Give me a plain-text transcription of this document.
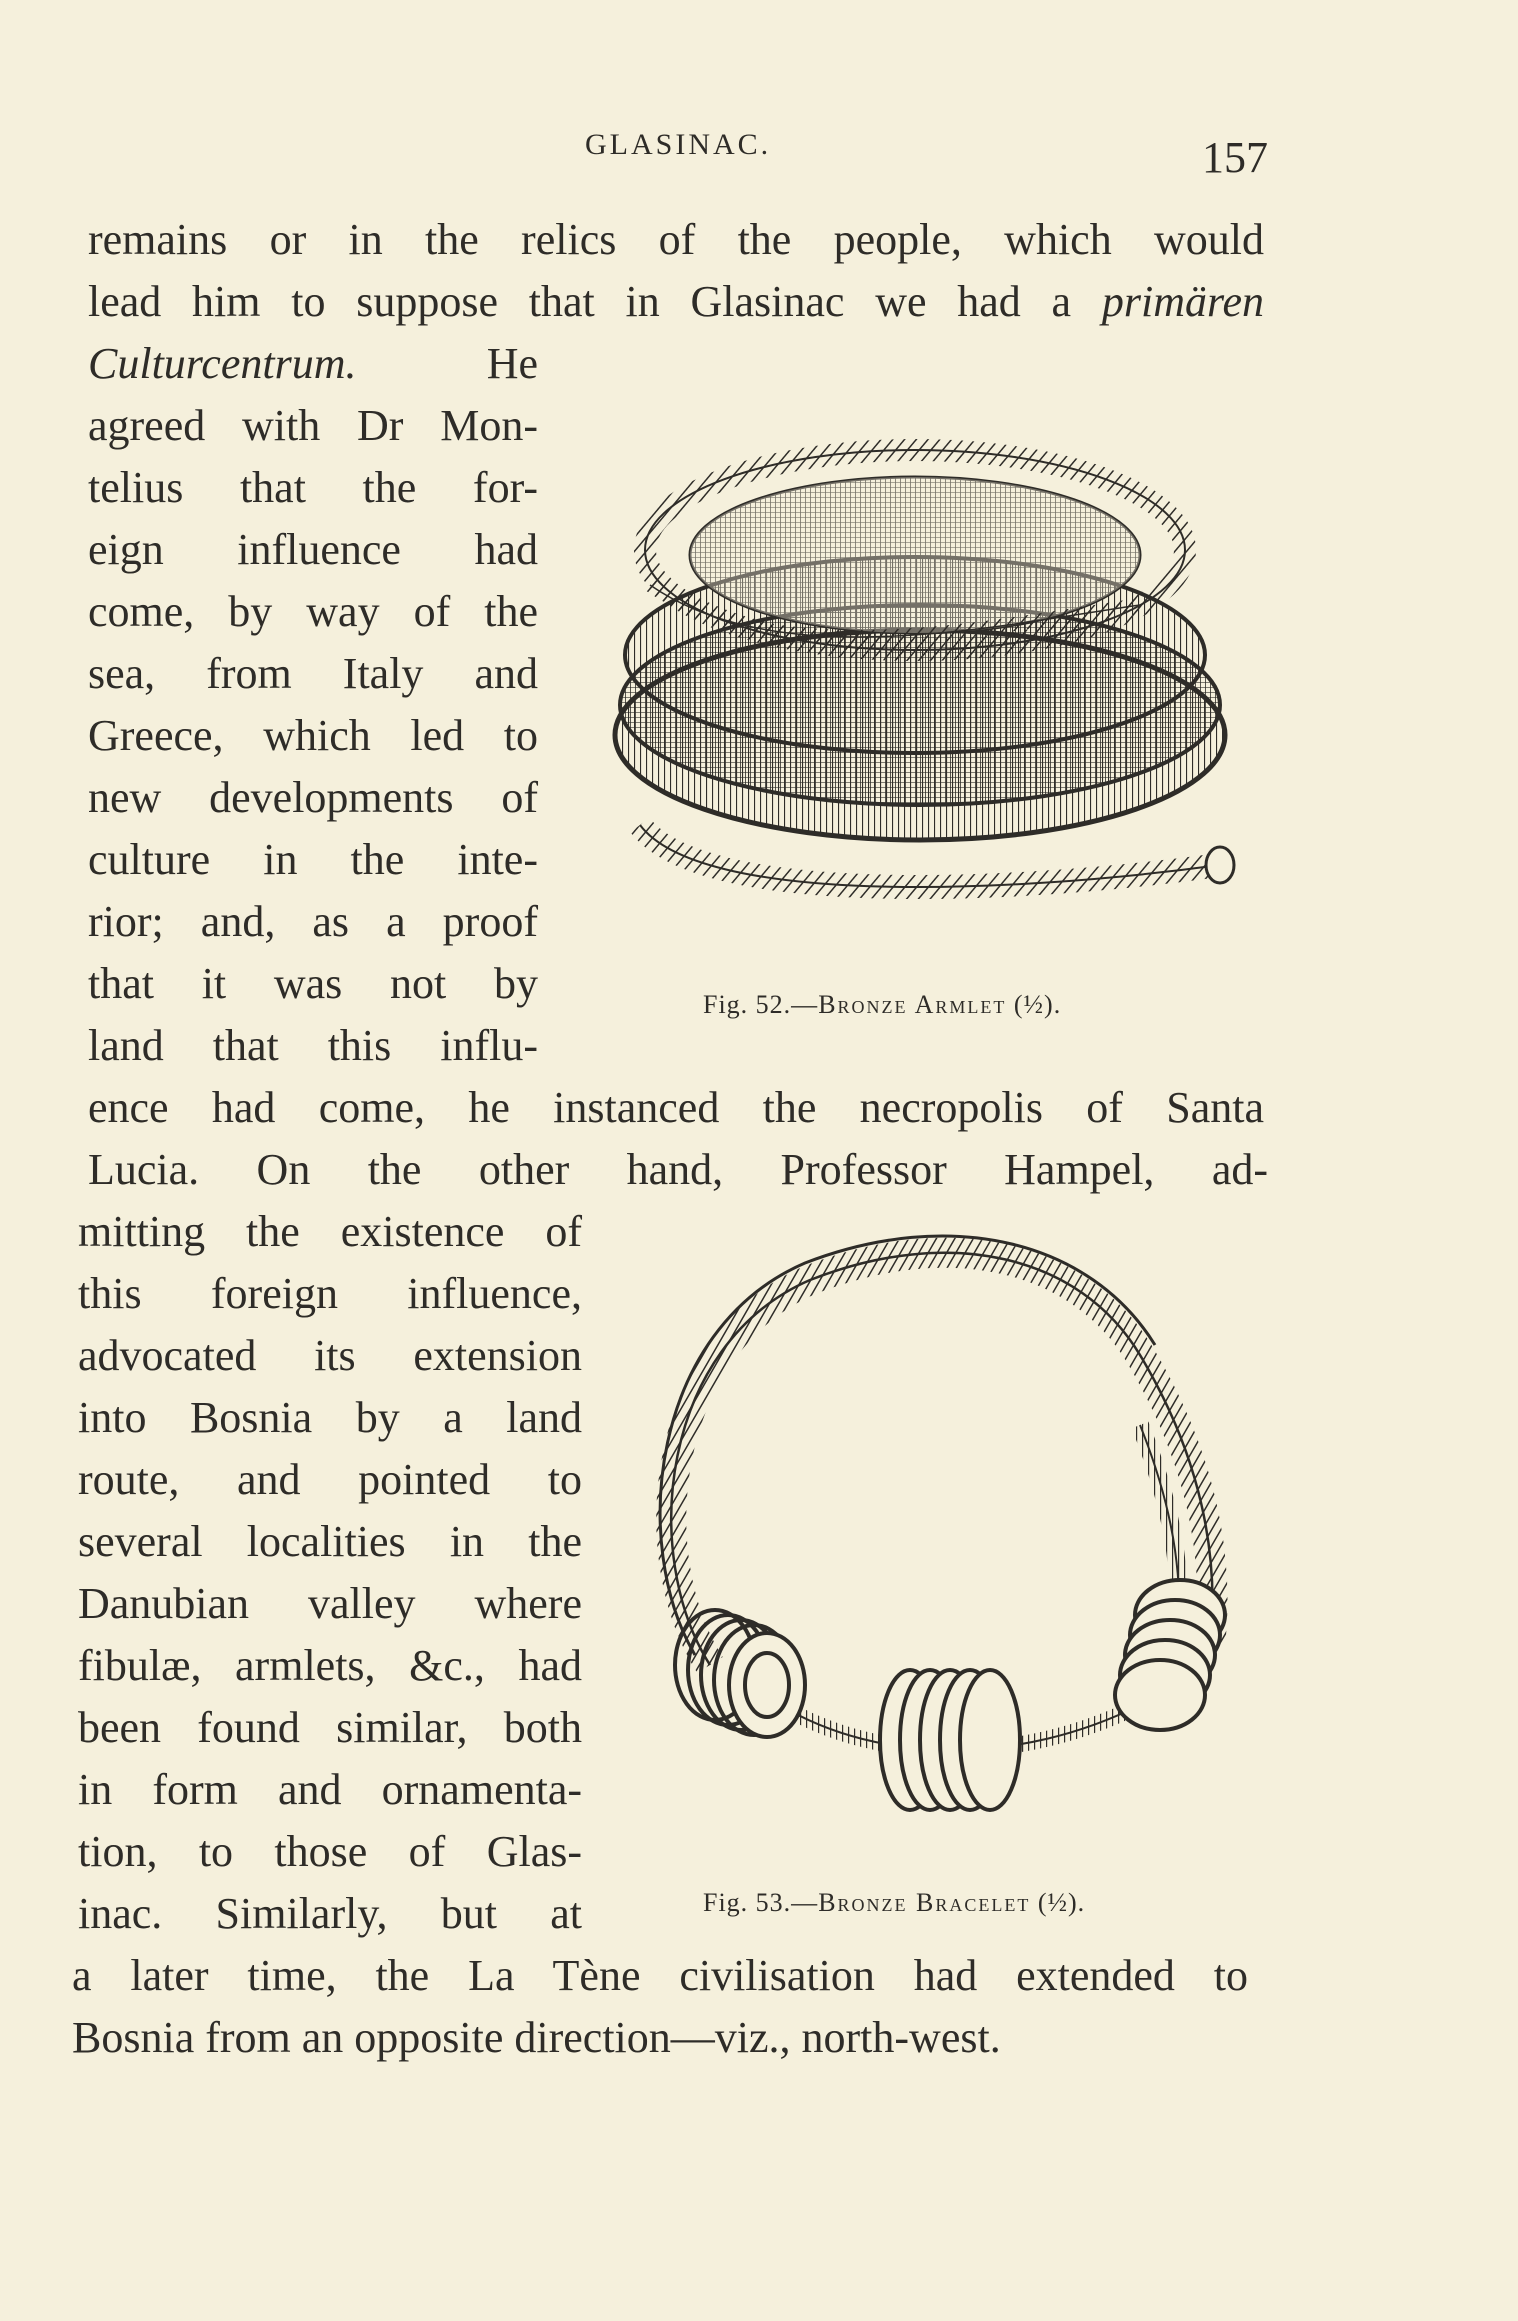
GLASINAC.	157
remains or in the relics of the people, which would
lead him to suppose that in Glasinac we had a primären
Culturcentrum.	He
agreed with Dr Mon-
telius that the for-
eign influence had
come, by way of the
sea, from Italy and
Greece, which led to
new developments of
culture in the inte-
rior; and, as a proof
that it was not by
land that this influ-
Fig. 52.—Bronze Armlet (½).
ence had come, he instanced the necropolis of Santa
Lucia. On the other hand, Professor Hampel, ad-
mitting the existence of
this foreign influence,
advocated its extension
into Bosnia by a land
route, and pointed to
several localities in the
Danubian valley where
fibulæ, armlets, &c., had
been found similar, both
in form and ornamenta-
tion, to those of Glas-
inac. Similarly, but at	Fig. 53.—Bronze Bracelet (½).
a later time, the La Tène civilisation had extended to
Bosnia from an opposite direction—viz., north-west.
